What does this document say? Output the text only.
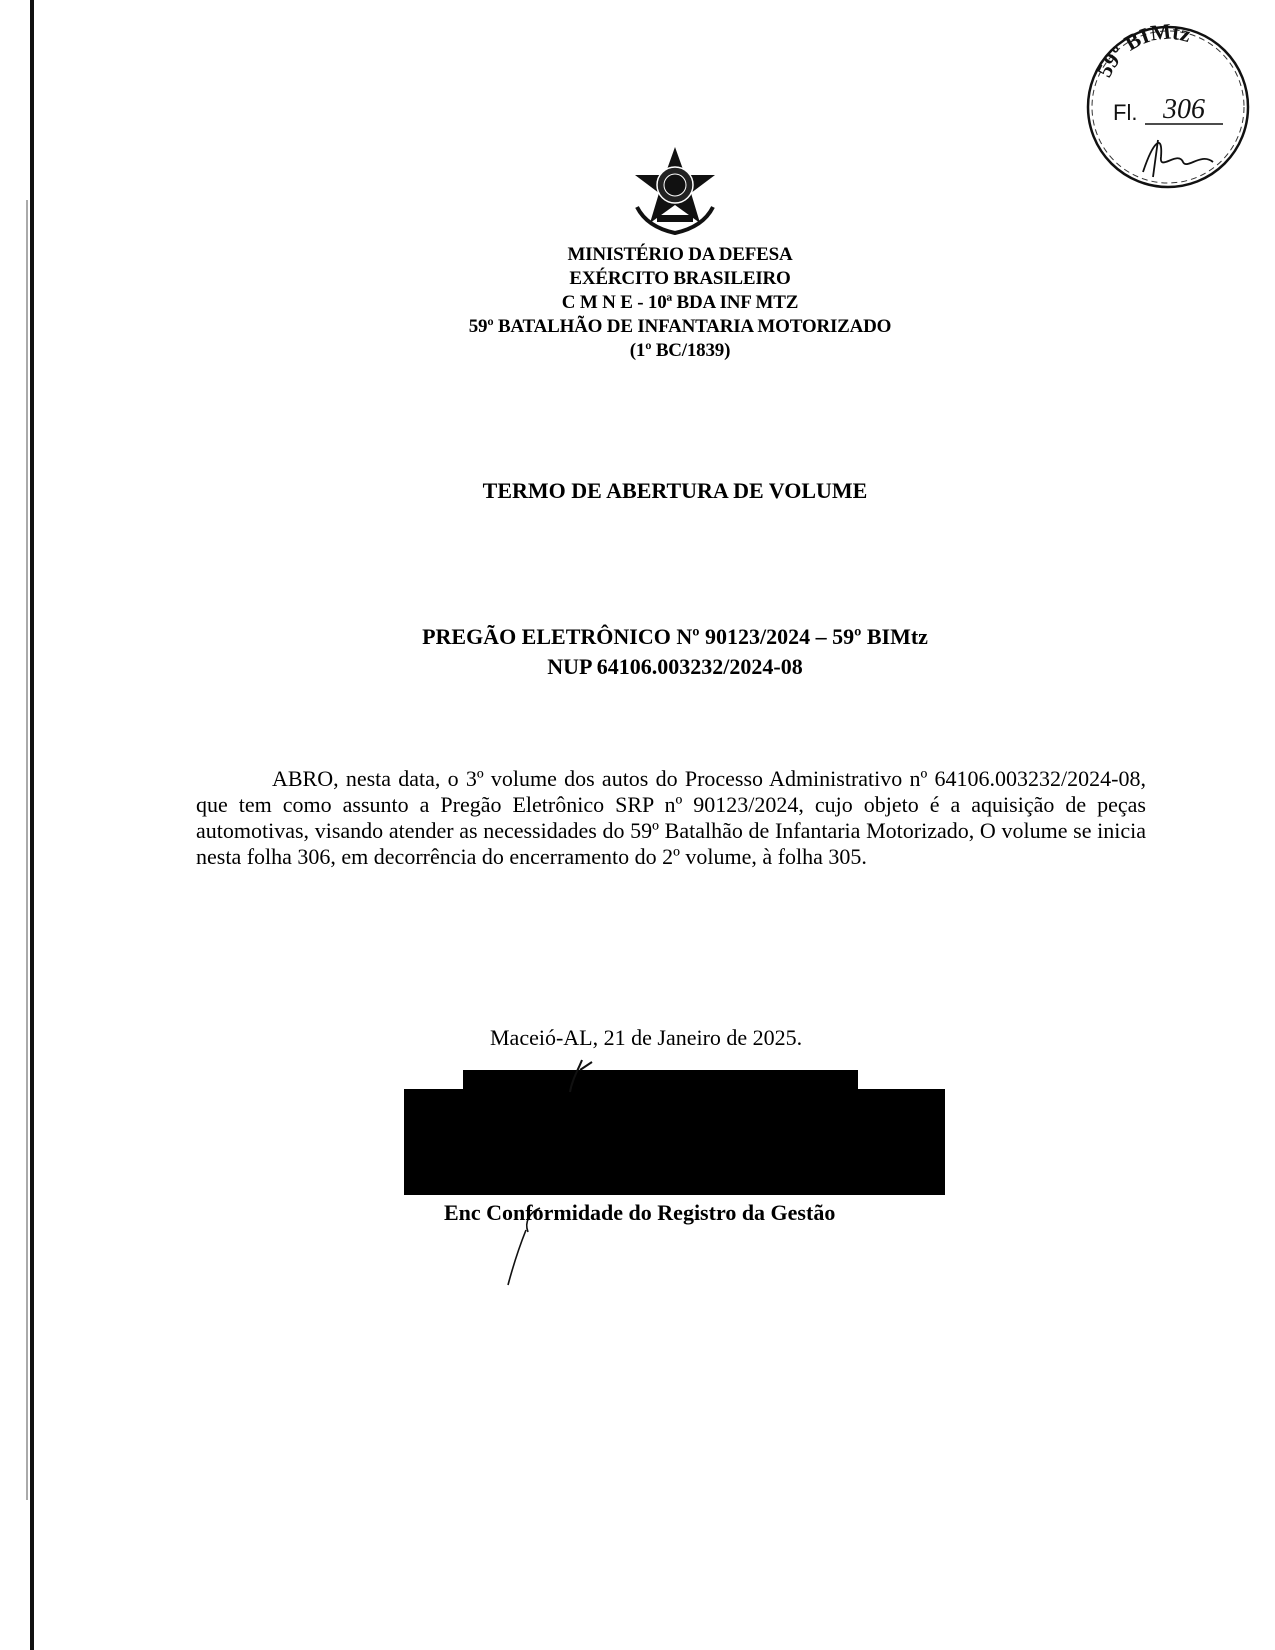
59º BIMtz
Fl. 306
MINISTÉRIO DA DEFESA
EXÉRCITO BRASILEIRO
C M N E - 10ª BDA INF MTZ
59º BATALHÃO DE INFANTARIA MOTORIZADO
(1º BC/1839)
TERMO DE ABERTURA DE VOLUME
PREGÃO ELETRÔNICO Nº 90123/2024 – 59º BIMtz
NUP 64106.003232/2024-08
ABRO, nesta data, o 3º volume dos autos do Processo Administrativo nº 64106.003232/2024-08, que tem como assunto a Pregão Eletrônico SRP nº 90123/2024, cujo objeto é a aquisição de peças automotivas, visando atender as necessidades do 59º Batalhão de Infantaria Motorizado, O volume se inicia nesta folha 306, em decorrência do encerramento do 2º volume, à folha 305.
Maceió-AL, 21 de Janeiro de 2025.
Enc Conformidade do Registro da Gestão
